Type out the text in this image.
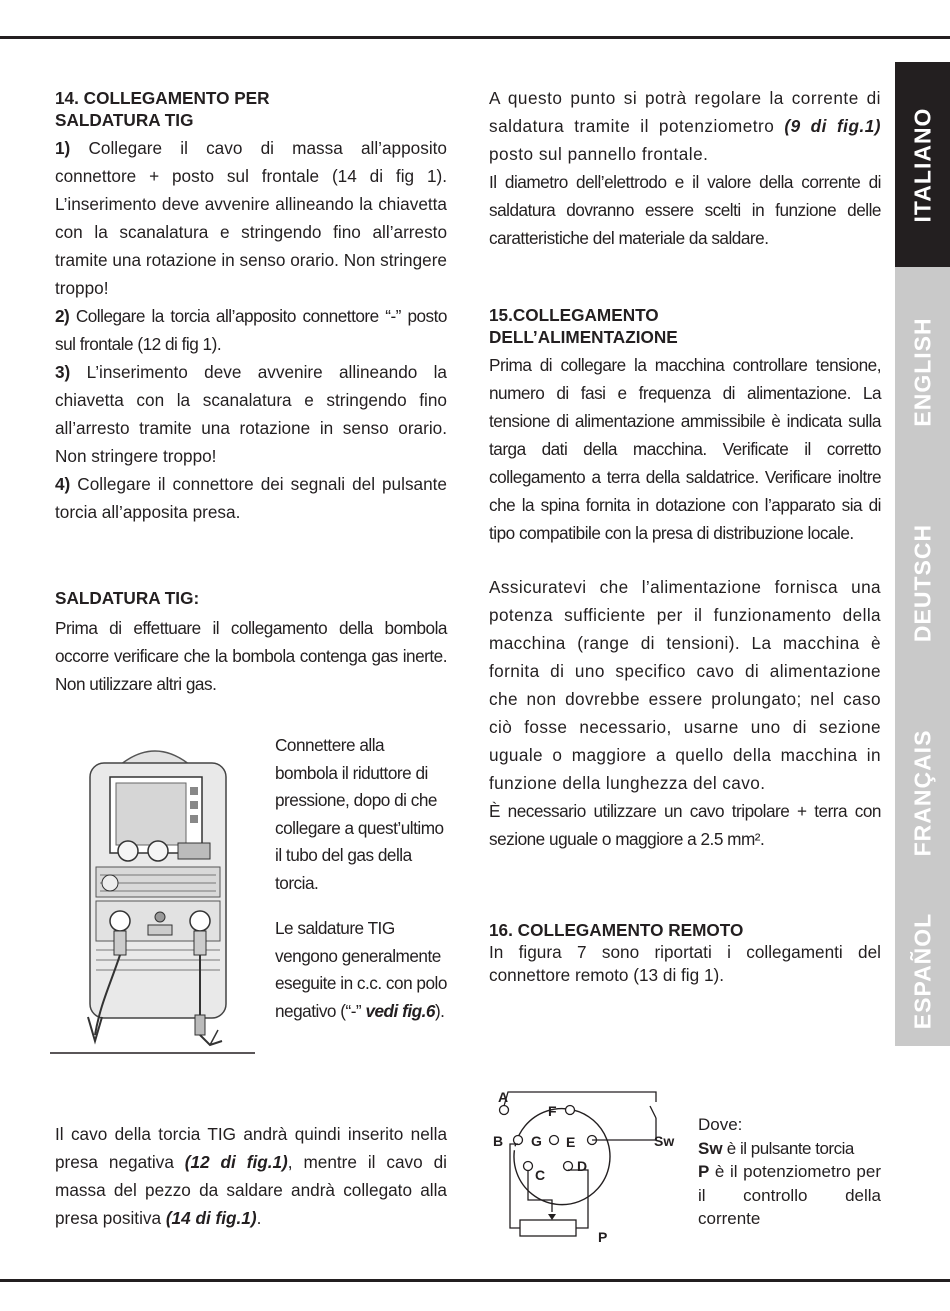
ITALIANO
ENGLISH
DEUTSCH
FRANÇAIS
ESPAÑOL

14. COLLEGAMENTO PER

SALDATURA TIG

1) Collegare il cavo di massa all’apposito connettore + posto sul frontale (14 di fig 1). L’inserimento deve avvenire allineando la chiavetta con la scanalatura e stringendo fino all’arresto tramite una rotazione in senso orario. Non stringere troppo!

2) Collegare la torcia all’apposito connettore “-” posto sul frontale (12 di fig 1).

3) L’inserimento deve avvenire allineando la chiavetta con la scanalatura e stringendo fino all’arresto tramite una rotazione in senso orario. Non stringere troppo!

4) Collegare il connettore dei segnali del pulsante torcia all’apposita presa.

SALDATURA TIG:

Prima di effettuare il collegamento della bombola occorre verificare che la bombola contenga gas inerte. Non utilizzare altri gas.

Connettere alla bombola il riduttore di pressione, dopo di che collegare a quest’ultimo il tubo del gas della torcia.

Le saldature TIG vengono generalmente eseguite in c.c. con polo negativo (“-” vedi fig.6).

Il cavo della torcia TIG andrà quindi inserito nella presa negativa (12 di fig.1), mentre il cavo di massa del pezzo da saldare andrà collegato alla presa positiva (14 di fig.1).

A questo punto si potrà regolare la corrente di saldatura tramite il potenziometro (9 di fig.1) posto sul pannello frontale.

Il diametro dell’elettrodo e il valore della corrente di saldatura dovranno essere scelti in funzione delle caratteristiche del materiale da saldare.

15.COLLEGAMENTO

DELL’ALIMENTAZIONE

Prima di collegare la macchina controllare tensione, numero di fasi e frequenza di alimentazione. La tensione di alimentazione ammissibile è indicata sulla targa dati della macchina. Verificate il corretto collegamento a terra della saldatrice. Verificare inoltre che la spina fornita in dotazione con l’apparato sia di tipo compatibile con la presa di distribuzione locale.

Assicuratevi che l’alimentazione fornisca una potenza sufficiente per il funzionamento della macchina (range di tensioni). La macchina è fornita di uno specifico cavo di alimentazione che non dovrebbe essere prolungato; nel caso ciò fosse necessario, usarne uno di sezione uguale o maggiore a quello della macchina in funzione della lunghezza del cavo.

È necessario utilizzare un cavo tripolare + terra con sezione uguale o maggiore a 2.5 mm².

16. COLLEGAMENTO REMOTO

In figura 7 sono riportati i collegamenti del connettore remoto (13 di fig 1).

A
F
B G E
C
D
Sw
P

Dove:

Sw è il pulsante torcia

P è il potenziometro per il controllo della corrente
